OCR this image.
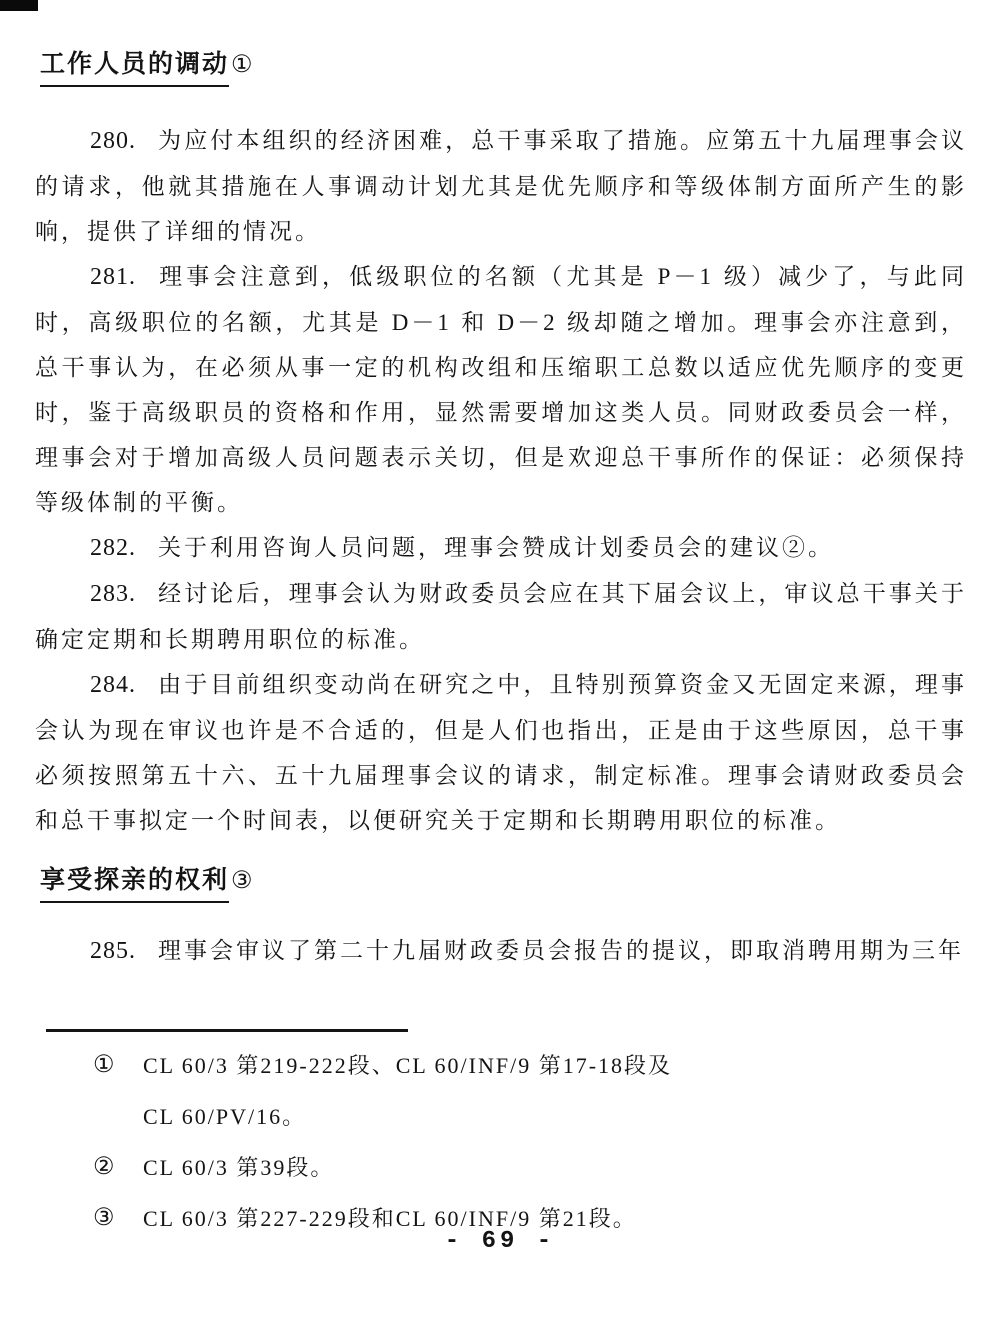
工作人员的调动①

280. 为应付本组织的经济困难，总干事采取了措施。应第五十九届理事会议的请求，他就其措施在人事调动计划尤其是优先顺序和等级体制方面所产生的影响，提供了详细的情况。

281. 理事会注意到，低级职位的名额（尤其是 P－1 级）减少了，与此同时，高级职位的名额，尤其是 D－1 和 D－2 级却随之增加。理事会亦注意到，总干事认为，在必须从事一定的机构改组和压缩职工总数以适应优先顺序的变更时，鉴于高级职员的资格和作用，显然需要增加这类人员。同财政委员会一样，理事会对于增加高级人员问题表示关切，但是欢迎总干事所作的保证：必须保持等级体制的平衡。

282. 关于利用咨询人员问题，理事会赞成计划委员会的建议②。

283. 经讨论后，理事会认为财政委员会应在其下届会议上，审议总干事关于确定定期和长期聘用职位的标准。

284. 由于目前组织变动尚在研究之中，且特别预算资金又无固定来源，理事会认为现在审议也许是不合适的，但是人们也指出，正是由于这些原因，总干事必须按照第五十六、五十九届理事会议的请求，制定标准。理事会请财政委员会和总干事拟定一个时间表，以便研究关于定期和长期聘用职位的标准。

享受探亲的权利③

285. 理事会审议了第二十九届财政委员会报告的提议，即取消聘用期为三年

①	CL 60/3 第219-222段、CL 60/INF/9 第17-18段及
CL 60/PV/16。
②	CL 60/3 第39段。
③	CL 60/3 第227-229段和CL 60/INF/9 第21段。
- 69 -
